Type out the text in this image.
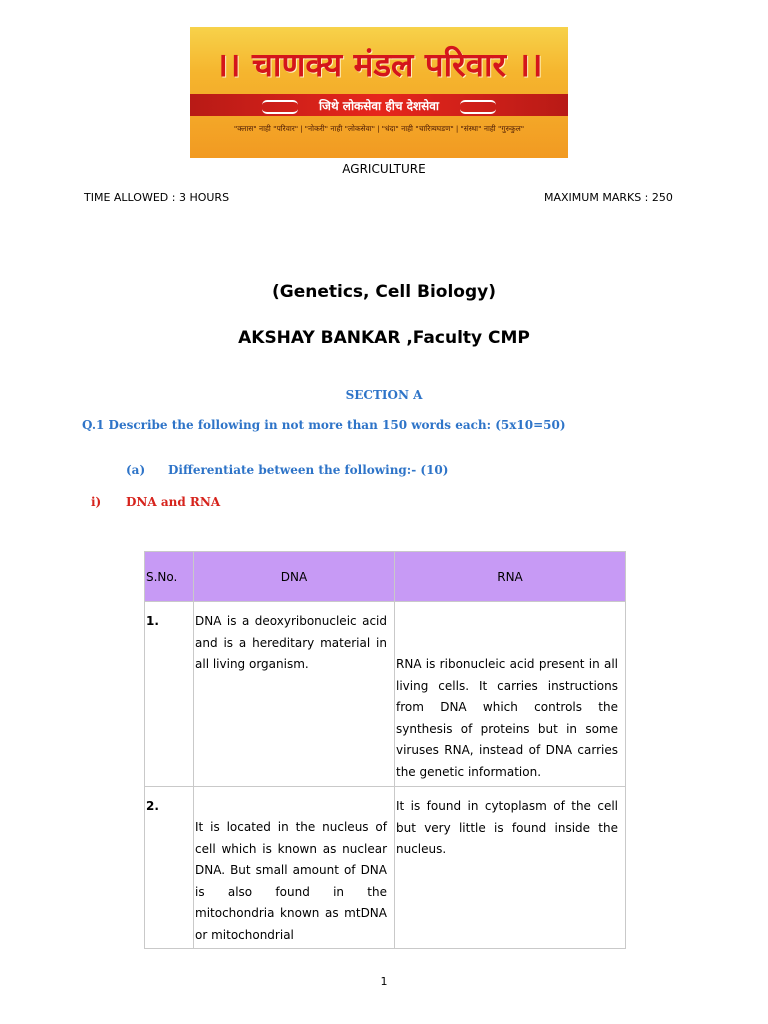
।। चाणक्य मंडल परिवार ।।
जिथे लोकसेवा हीच देशसेवा
"क्लास" नाही "परिवार" | "नोकरी" नाही "लोकसेवा" | "धंदा" नाही "चारित्र्यघडण" | "संस्था" नाही "गुरुकुल"
AGRICULTURE
TIME ALLOWED : 3 HOURS	MAXIMUM MARKS : 250
(Genetics, Cell Biology)
AKSHAY BANKAR ,Faculty CMP
SECTION A
Q.1 Describe the following in not more than 150 words each: (5x10=50)
(a) Differentiate between the following:- (10)
i) DNA and RNA
S.No.	DNA	RNA

1.	DNA is a deoxyribonucleic acid and is a hereditary material in all living organism.	RNA is ribonucleic acid present in all living cells. It carries instructions from DNA which controls the synthesis of proteins but in some viruses RNA, instead of DNA carries the genetic information.

2.	It is located in the nucleus of cell which is known as nuclear DNA. But small amount of DNA is also found in the mitochondria known as mtDNA or mitochondrial	It is found in cytoplasm of the cell but very little is found inside the nucleus.
1
